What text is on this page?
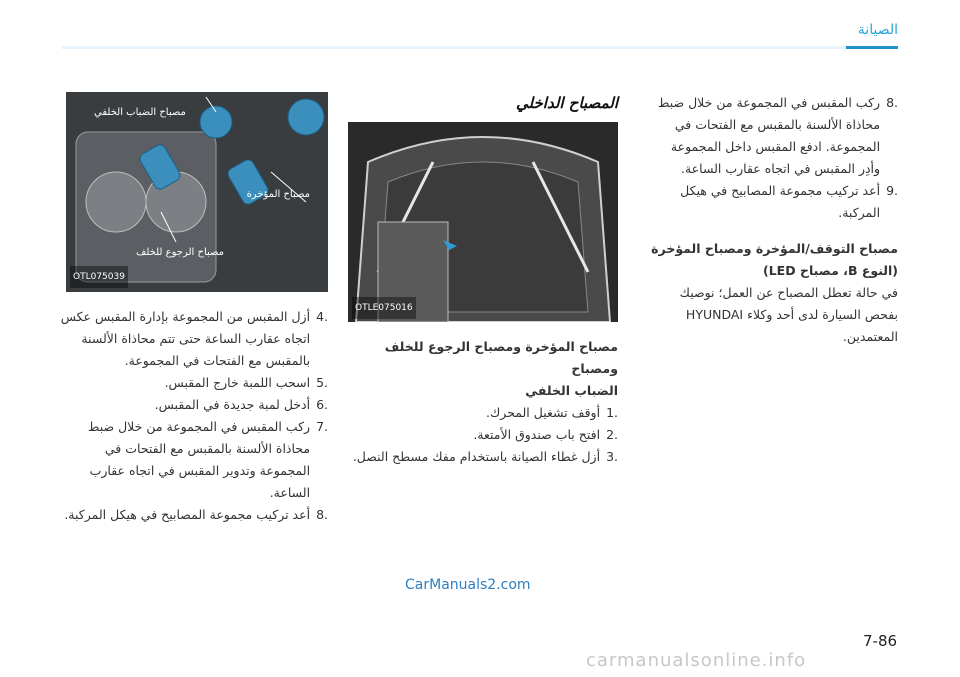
الصيانة
.8
ركب المقبس في المجموعة من خلال ضبط محاذاة الألسنة بالمقبس مع الفتحات في المجموعة. ادفع المقبس داخل المجموعة وأدِر المقبس في اتجاه عقارب الساعة.
.9
أعد تركيب مجموعة المصابيح في هيكل المركبة.
مصباح التوقف/المؤخرة ومصباح المؤخرة
(النوع B، مصباح LED)
في حالة تعطل المصباح عن العمل؛ نوصيك بفحص السيارة لدى أحد وكلاء HYUNDAI المعتمدين.
المصباح الداخلي
OTLE075016
مصباح المؤخرة ومصباح الرجوع للخلف ومصباح
الضباب الخلفي
.1
أوقف تشغيل المحرك.
.2
افتح باب صندوق الأمتعة.
.3
أزل غطاء الصيانة باستخدام مفك مسطح النصل.
مصباح الضباب الخلفي
مصباح المؤخرة
مصباح الرجوع للخلف
OTL075039
.4
أزل المقبس من المجموعة بإدارة المقبس عكس اتجاه عقارب الساعة حتى تتم محاذاة الألسنة بالمقبس مع الفتحات في المجموعة.
.5
اسحب اللمبة خارج المقبس.
.6
أدخل لمبة جديدة في المقبس.
.7
ركب المقبس في المجموعة من خلال ضبط محاذاة الألسنة بالمقبس مع الفتحات في المجموعة وتدوير المقبس في اتجاه عقارب الساعة.
.8
أعد تركيب مجموعة المصابيح في هيكل المركبة.
CarManuals2.com
7-86
carmanualsonline.info
